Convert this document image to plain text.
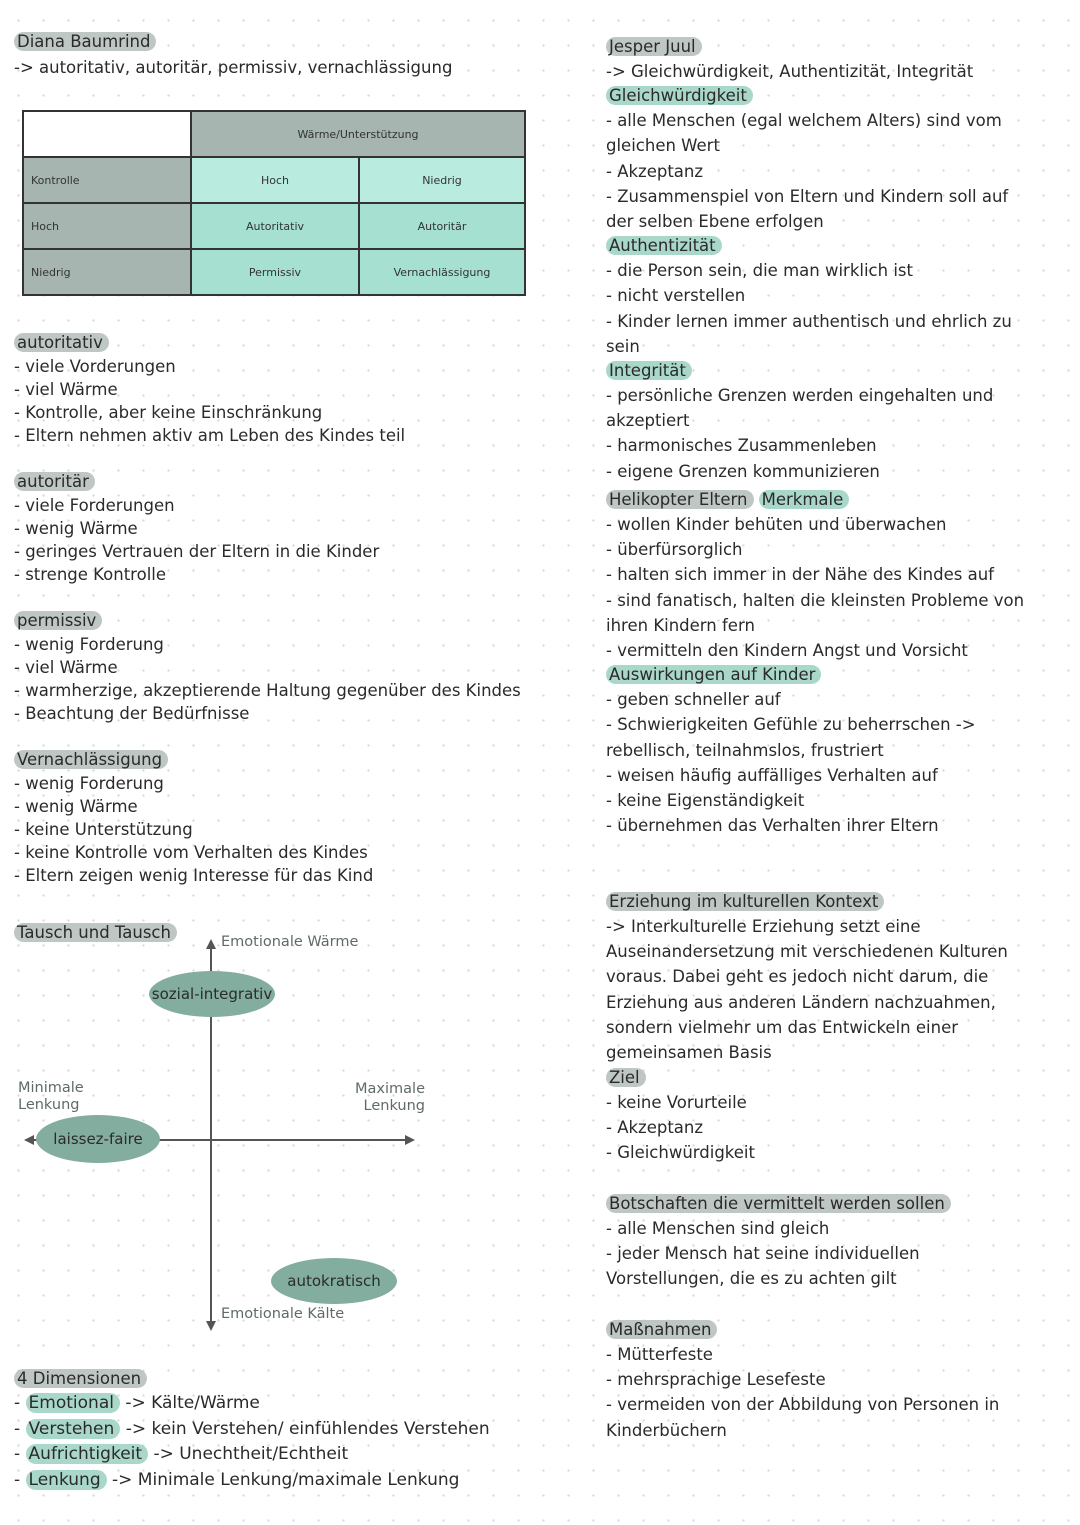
Diana Baumrind
-> autoritativ, autoritär, permissiv, vernachlässigung
Wärme/Unterstützung
Kontrolle	Hoch	Niedrig
Hoch	Autoritativ	Autoritär
Niedrig	Permissiv	Vernachlässigung
autoritativ
- viele Vorderungen
- viel Wärme
- Kontrolle, aber keine Einschränkung
- Eltern nehmen aktiv am Leben des Kindes teil
autoritär
- viele Forderungen
- wenig Wärme
- geringes Vertrauen der Eltern in die Kinder
- strenge Kontrolle
permissiv
- wenig Forderung
- viel Wärme
- warmherzige, akzeptierende Haltung gegenüber des Kindes
- Beachtung der Bedürfnisse
Vernachlässigung
- wenig Forderung
- wenig Wärme
- keine Unterstützung
- keine Kontrolle vom Verhalten des Kindes
- Eltern zeigen wenig Interesse für das Kind
Tausch und Tausch	Emotionale Wärme
Emotionale Kälte
Minimale Lenkung
Maximale Lenkung
sozial-integrativ
laissez-faire
autokratisch
4 Dimensionen
- Emotional -> Kälte/Wärme
- Verstehen -> kein Verstehen/ einfühlendes Verstehen
- Aufrichtigkeit -> Unechtheit/Echtheit
- Lenkung -> Minimale Lenkung/maximale Lenkung
Jesper Juul
-> Gleichwürdigkeit, Authentizität, Integrität
Gleichwürdigkeit
- alle Menschen (egal welchem Alters) sind vom gleichen Wert
- Akzeptanz
- Zusammenspiel von Eltern und Kindern soll auf der selben Ebene erfolgen
Authentizität
- die Person sein, die man wirklich ist
- nicht verstellen
- Kinder lernen immer authentisch und ehrlich zu sein
Integrität
- persönliche Grenzen werden eingehalten und akzeptiert
- harmonisches Zusammenleben
- eigene Grenzen kommunizieren
Helikopter Eltern Merkmale
- wollen Kinder behüten und überwachen
- überfürsorglich
- halten sich immer in der Nähe des Kindes auf
- sind fanatisch, halten die kleinsten Probleme von ihren Kindern fern
- vermitteln den Kindern Angst und Vorsicht
Auswirkungen auf Kinder
- geben schneller auf
- Schwierigkeiten Gefühle zu beherrschen -> rebellisch, teilnahmslos, frustriert
- weisen häufig auffälliges Verhalten auf
- keine Eigenständigkeit
- übernehmen das Verhalten ihrer Eltern
Erziehung im kulturellen Kontext
-> Interkulturelle Erziehung setzt eine Auseinandersetzung mit verschiedenen Kulturen voraus. Dabei geht es jedoch nicht darum, die Erziehung aus anderen Ländern nachzuahmen, sondern vielmehr um das Entwickeln einer gemeinsamen Basis
Ziel
- keine Vorurteile
- Akzeptanz
- Gleichwürdigkeit
Botschaften die vermittelt werden sollen
- alle Menschen sind gleich
- jeder Mensch hat seine individuellen Vorstellungen, die es zu achten gilt
Maßnahmen
- Mütterfeste
- mehrsprachige Lesefeste
- vermeiden von der Abbildung von Personen in Kinderbüchern
